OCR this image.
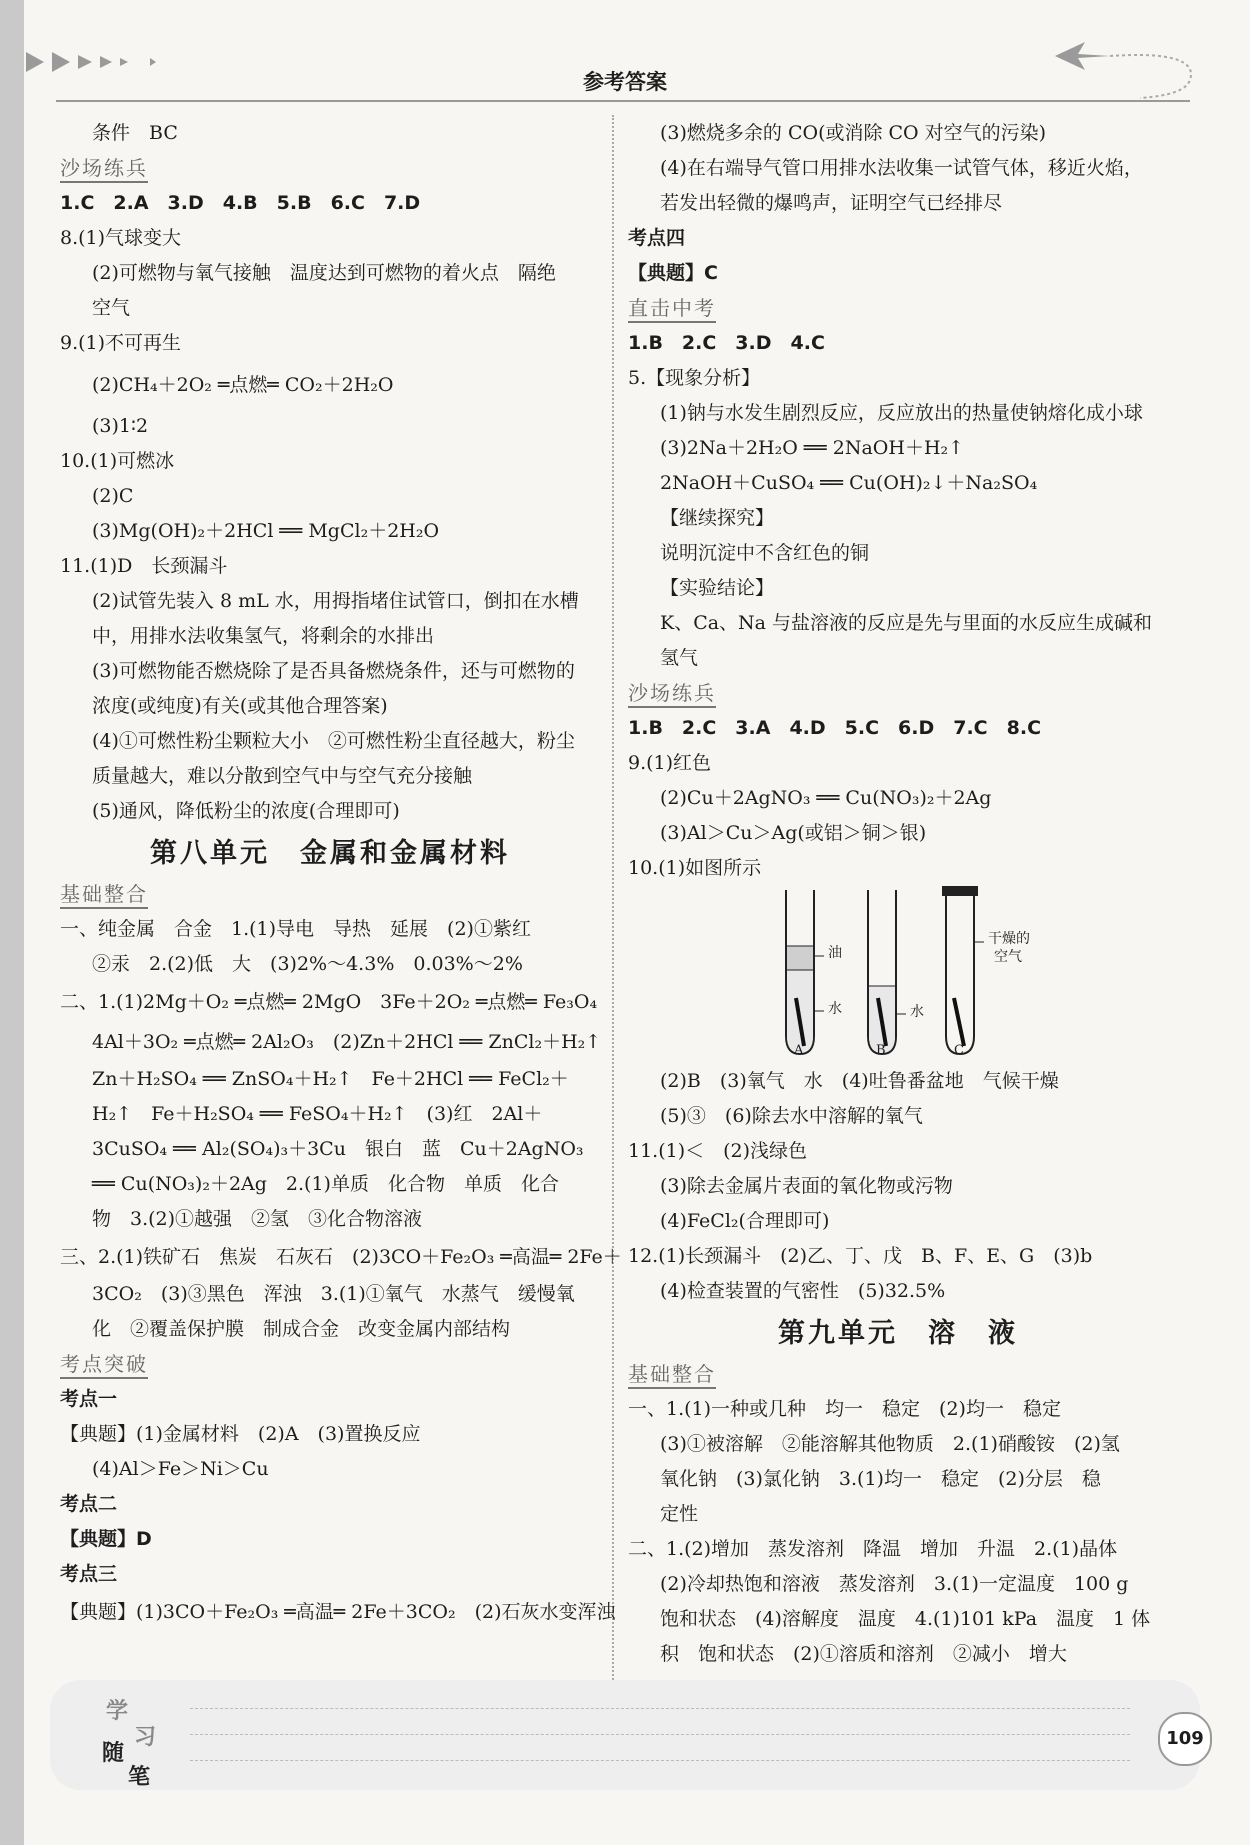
参考答案
条件　BC
沙场练兵
1.C　2.A　3.D　4.B　5.B　6.C　7.D
8.(1)气球变大
(2)可燃物与氧气接触　温度达到可燃物的着火点　隔绝
空气
9.(1)不可再生
(2)CH₄＋2O₂ ═点燃═ CO₂＋2H₂O
(3)1∶2
10.(1)可燃冰
(2)C
(3)Mg(OH)₂＋2HCl ══ MgCl₂＋2H₂O
11.(1)D　长颈漏斗
(2)试管先装入 8 mL 水，用拇指堵住试管口，倒扣在水槽
中，用排水法收集氢气，将剩余的水排出
(3)可燃物能否燃烧除了是否具备燃烧条件，还与可燃物的
浓度(或纯度)有关(或其他合理答案)
(4)①可燃性粉尘颗粒大小　②可燃性粉尘直径越大，粉尘
质量越大，难以分散到空气中与空气充分接触
(5)通风，降低粉尘的浓度(合理即可)
第八单元　金属和金属材料
基础整合
一、纯金属　合金　1.(1)导电　导热　延展　(2)①紫红
②汞　2.(2)低　大　(3)2%～4.3%　0.03%～2%
二、1.(1)2Mg＋O₂ ═点燃═ 2MgO　3Fe＋2O₂ ═点燃═ Fe₃O₄
4Al＋3O₂ ═点燃═ 2Al₂O₃　(2)Zn＋2HCl ══ ZnCl₂＋H₂↑
Zn＋H₂SO₄ ══ ZnSO₄＋H₂↑　Fe＋2HCl ══ FeCl₂＋
H₂↑　Fe＋H₂SO₄ ══ FeSO₄＋H₂↑　(3)红　2Al＋
3CuSO₄ ══ Al₂(SO₄)₃＋3Cu　银白　蓝　Cu＋2AgNO₃
══ Cu(NO₃)₂＋2Ag　2.(1)单质　化合物　单质　化合
物　3.(2)①越强　②氢　③化合物溶液
三、2.(1)铁矿石　焦炭　石灰石　(2)3CO＋Fe₂O₃ ═高温═ 2Fe＋
3CO₂　(3)③黑色　浑浊　3.(1)①氧气　水蒸气　缓慢氧
化　②覆盖保护膜　制成合金　改变金属内部结构
考点突破
考点一
【典题】(1)金属材料　(2)A　(3)置换反应
(4)Al＞Fe＞Ni＞Cu
考点二
【典题】D
考点三
【典题】(1)3CO＋Fe₂O₃ ═高温═ 2Fe＋3CO₂　(2)石灰水变浑浊
(3)燃烧多余的 CO(或消除 CO 对空气的污染)
(4)在右端导气管口用排水法收集一试管气体，移近火焰，
若发出轻微的爆鸣声，证明空气已经排尽
考点四
【典题】C
直击中考
1.B　2.C　3.D　4.C
5.【现象分析】
(1)钠与水发生剧烈反应，反应放出的热量使钠熔化成小球
(3)2Na＋2H₂O ══ 2NaOH＋H₂↑
2NaOH＋CuSO₄ ══ Cu(OH)₂↓＋Na₂SO₄
【继续探究】
说明沉淀中不含红色的铜
【实验结论】
K、Ca、Na 与盐溶液的反应是先与里面的水反应生成碱和
氢气
沙场练兵
1.B　2.C　3.A　4.D　5.C　6.D　7.C　8.C
9.(1)红色
(2)Cu＋2AgNO₃ ══ Cu(NO₃)₂＋2Ag
(3)Al＞Cu＞Ag(或铝＞铜＞银)
10.(1)如图所示
油
水	水
干燥的
空气
A	B	C
(2)B　(3)氧气　水　(4)吐鲁番盆地　气候干燥
(5)③　(6)除去水中溶解的氧气
11.(1)＜　(2)浅绿色
(3)除去金属片表面的氧化物或污物
(4)FeCl₂(合理即可)
12.(1)长颈漏斗　(2)乙、丁、戊　B、F、E、G　(3)b
(4)检查装置的气密性　(5)32.5%
第九单元　溶　液
基础整合
一、1.(1)一种或几种　均一　稳定　(2)均一　稳定
(3)①被溶解　②能溶解其他物质　2.(1)硝酸铵　(2)氢
氧化钠　(3)氯化钠　3.(1)均一　稳定　(2)分层　稳
定性
二、1.(2)增加　蒸发溶剂　降温　增加　升温　2.(1)晶体
(2)冷却热饱和溶液　蒸发溶剂　3.(1)一定温度　100 g
饱和状态　(4)溶解度　温度　4.(1)101 kPa　温度　1 体
积　饱和状态　(2)①溶质和溶剂　②减小　增大
学
习
随
笔
109
